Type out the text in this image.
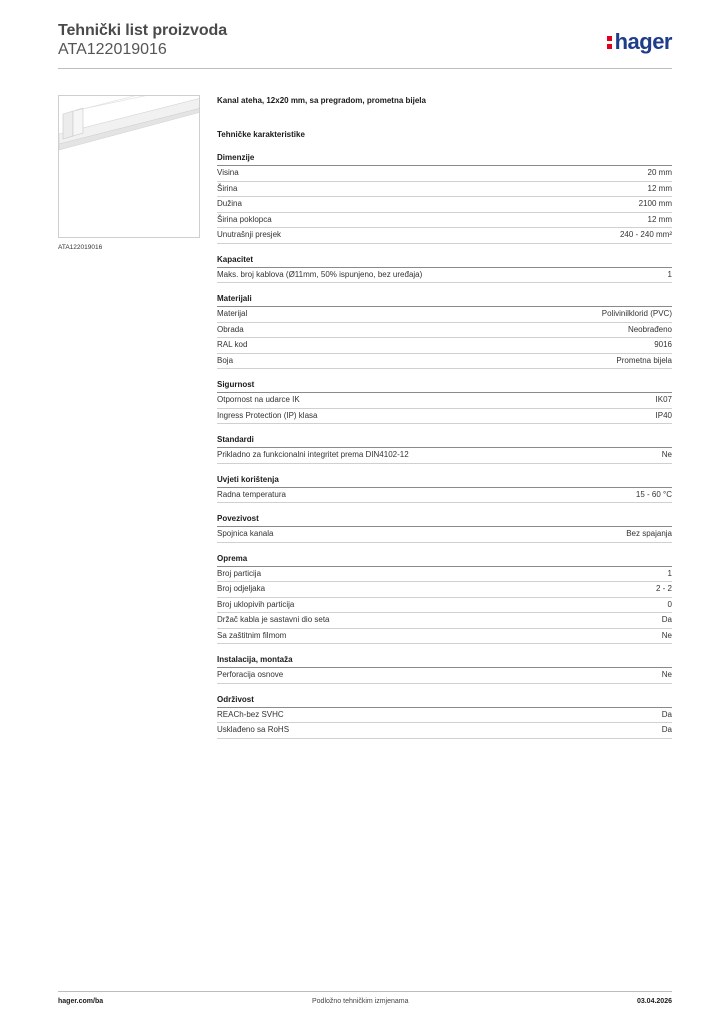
Tehnički list proizvoda
ATA122019016	hager
ATA122019016
Kanal ateha, 12x20 mm, sa pregradom, prometna bijela
Tehničke karakteristike
Dimenzije
Visina	20 mm
Širina	12 mm
Dužina	2100 mm
Širina poklopca	12 mm
Unutrašnji presjek	240 - 240 mm²
Kapacitet
Maks. broj kablova (Ø11mm, 50% ispunjeno, bez uređaja)	1
Materijali
Materijal	Polivinilklorid (PVC)
Obrada	Neobrađeno
RAL kod	9016
Boja	Prometna bijela
Sigurnost
Otpornost na udarce IK	IK07
Ingress Protection (IP) klasa	IP40
Standardi
Prikladno za funkcionalni integritet prema DIN4102-12	Ne
Uvjeti korištenja
Radna temperatura	15 - 60 °C
Povezivost
Spojnica kanala	Bez spajanja
Oprema
Broj particija	1
Broj odjeljaka	2 - 2
Broj uklopivih particija	0
Držač kabla je sastavni dio seta	Da
Sa zaštitnim filmom	Ne
Instalacija, montaža
Perforacija osnove	Ne
Održivost
REACh-bez SVHC	Da
Usklađeno sa RoHS	Da
hager.com/ba	Podložno tehničkim izmjenama	03.04.2026
